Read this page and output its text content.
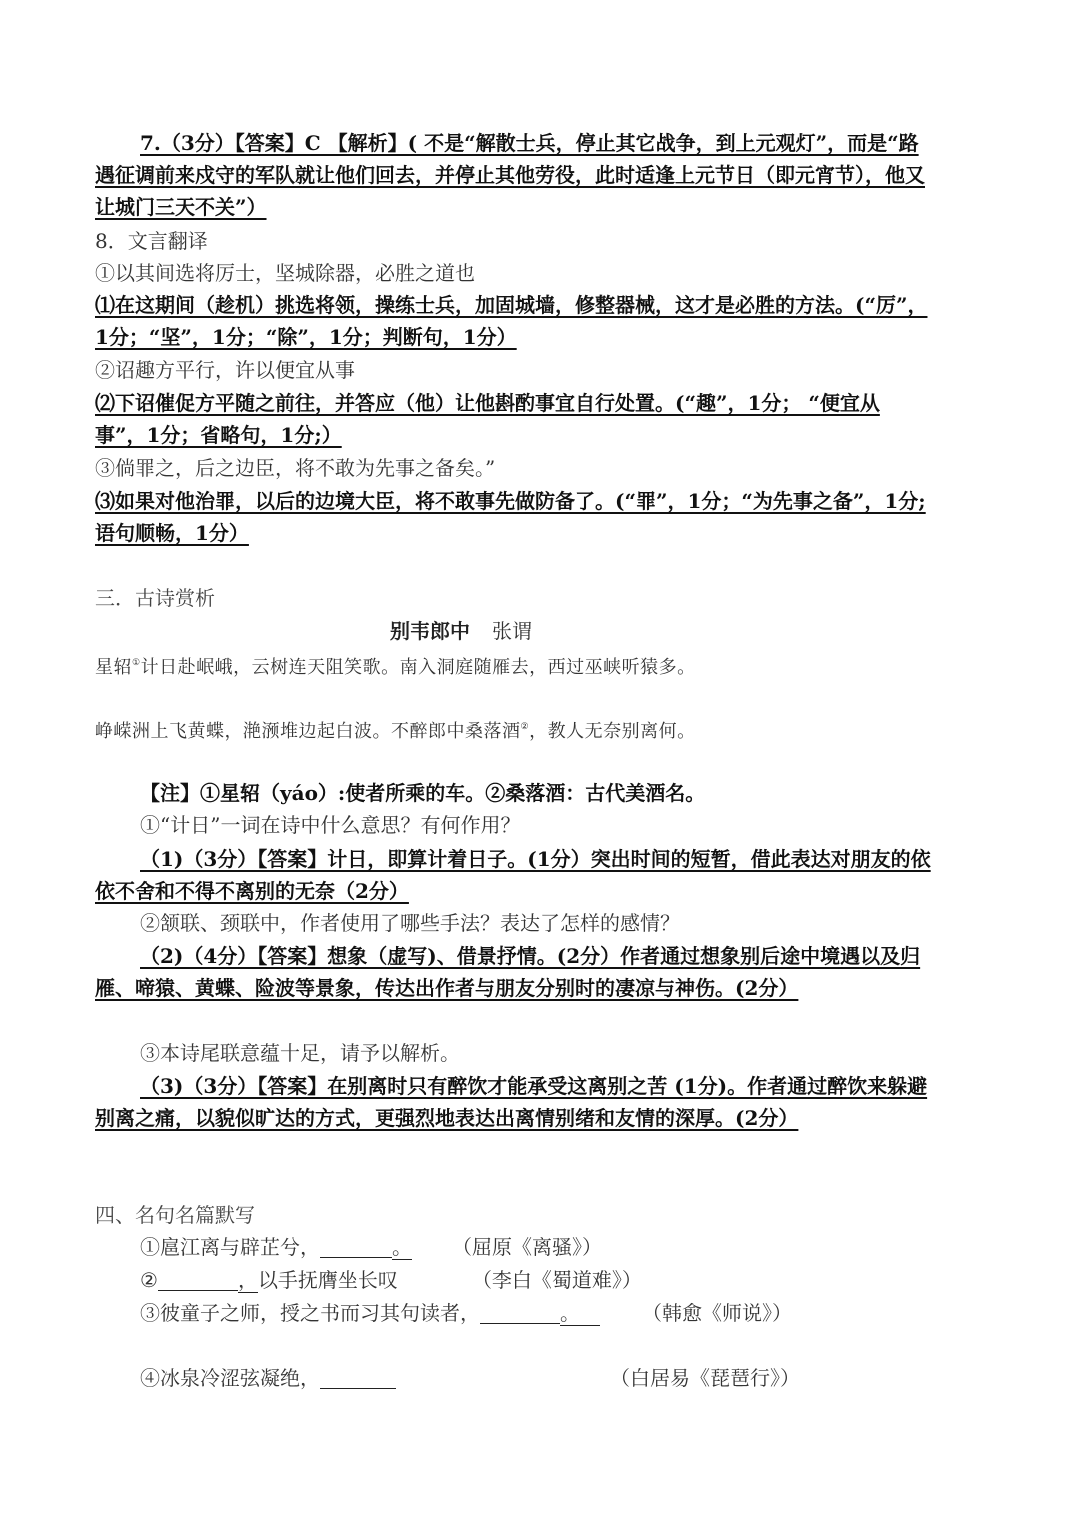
7.（3分）【答案】C 【解析】( 不是“解散士兵，停止其它战争，到上元观灯”，而是“路
遇征调前来戍守的军队就让他们回去，并停止其他劳役，此时适逢上元节日（即元宵节），他又
让城门三天不关”）
8．文言翻译
①以其间选将厉士，坚城除器，必胜之道也
⑴在这期间（趁机）挑选将领，操练士兵，加固城墙，修整器械，这才是必胜的方法。(“厉”，
1分；“坚”，1分；“除”，1分；判断句，1分）
②诏趣方平行，许以便宜从事
⑵下诏催促方平随之前往，并答应（他）让他斟酌事宜自行处置。(“趣”，1分； “便宜从
事”，1分；省略句，1分;）
③倘罪之，后之边臣，将不敢为先事之备矣。”
⑶如果对他治罪，以后的边境大臣，将不敢事先做防备了。(“罪”，1分；“为先事之备”，1分;
语句顺畅，1分）
三．古诗赏析
别韦郎中 张谓
星轺①计日赴岷峨，云树连天阻笑歌。南入洞庭随雁去，西过巫峡听猿多。
峥嵘洲上飞黄蝶，滟滪堆边起白波。不醉郎中桑落酒②，教人无奈别离何。
【注】①星轺（yáo）:使者所乘的车。②桑落酒：古代美酒名。
①“计日”一词在诗中什么意思？有何作用？
（1)（3分）【答案】计日，即算计着日子。(1分）突出时间的短暂，借此表达对朋友的依
依不舍和不得不离别的无奈（2分）
②颔联、颈联中，作者使用了哪些手法？表达了怎样的感情？
（2)（4分）【答案】想象（虚写)、借景抒情。(2分）作者通过想象别后途中境遇以及归
雁、啼猿、黄蝶、险波等景象，传达出作者与朋友分别时的凄凉与神伤。(2分）
③本诗尾联意蕴十足，请予以解析。
（3)（3分）【答案】在别离时只有醉饮才能承受这离别之苦 (1分)。作者通过醉饮来躲避
别离之痛，以貌似旷达的方式，更强烈地表达出离情别绪和友情的深厚。(2分）
四、名句名篇默写
①扈江离与辟芷兮，	。 （屈原《离骚》）
②	，以手抚膺坐长叹	（李白《蜀道难》）
③彼童子之师，授之书而习其句读者，	。	（韩愈《师说》）
④冰泉冷涩弦凝绝，	（白居易《琵琶行》）
